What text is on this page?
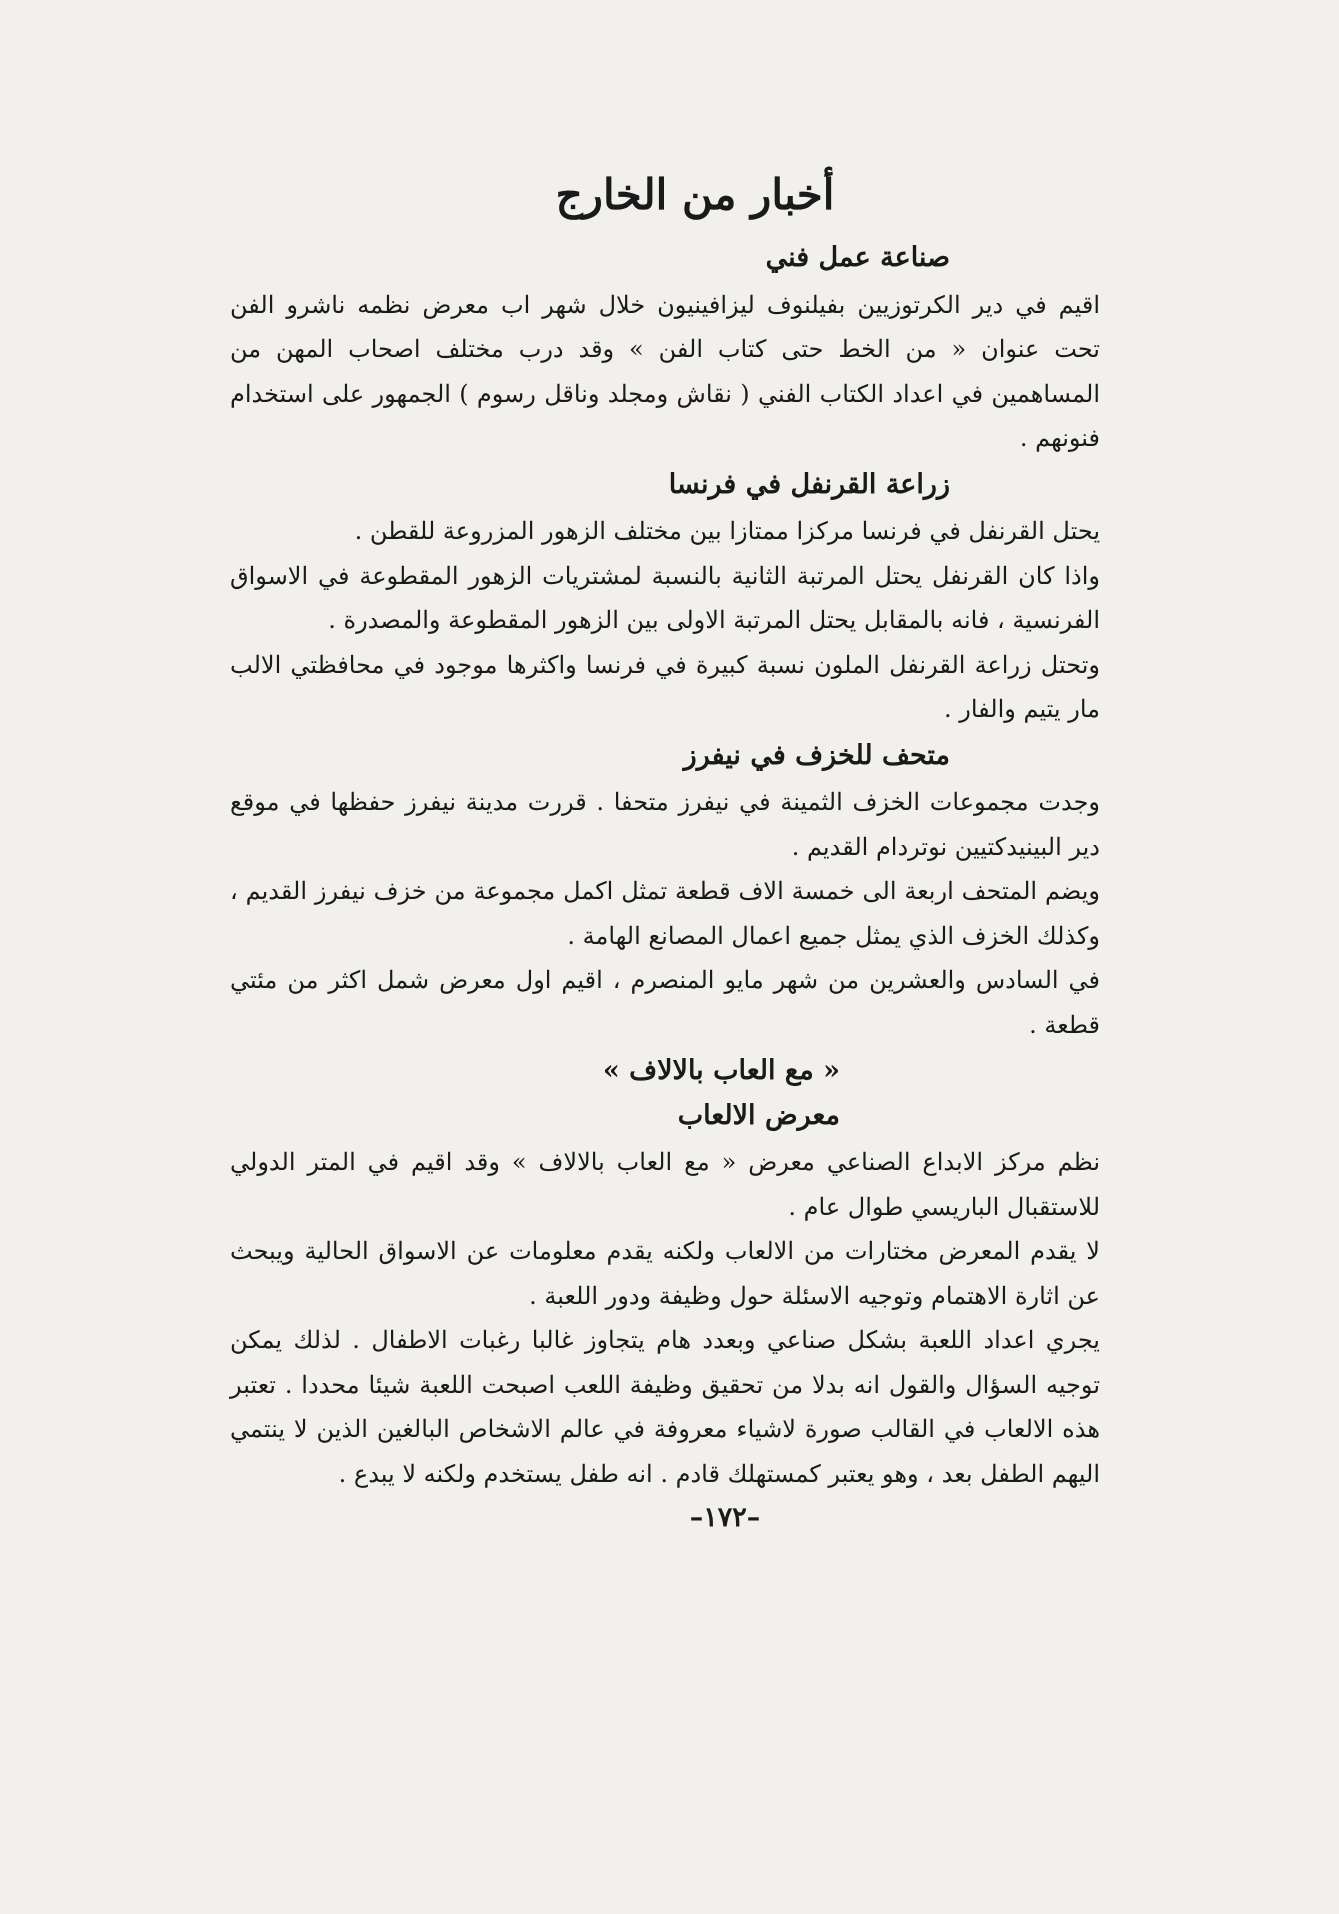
أخبار من الخارج
صناعة عمل فني

اقيم في دير الكرتوزيين بفيلنوف ليزافينيون خلال شهر اب معرض نظمه ناشرو الفن تحت عنوان « من الخط حتى كتاب الفن » وقد درب مختلف اصحاب المهن من المساهمين في اعداد الكتاب الفني ( نقاش ومجلد وناقل رسوم ) الجمهور على استخدام فنونهم .

زراعة القرنفل في فرنسا

يحتل القرنفل في فرنسا مركزا ممتازا بين مختلف الزهور المزروعة للقطن .

واذا كان القرنفل يحتل المرتبة الثانية بالنسبة لمشتريات الزهور المقطوعة في الاسواق الفرنسية ، فانه بالمقابل يحتل المرتبة الاولى بين الزهور المقطوعة والمصدرة .

وتحتل زراعة القرنفل الملون نسبة كبيرة في فرنسا واكثرها موجود في محافظتي الالب مار يتيم والفار .

متحف للخزف في نيفرز

وجدت مجموعات الخزف الثمينة في نيفرز متحفا . قررت مدينة نيفرز حفظها في موقع دير البينيدكتيين نوتردام القديم .

ويضم المتحف اربعة الى خمسة الاف قطعة تمثل اكمل مجموعة من خزف نيفرز القديم ، وكذلك الخزف الذي يمثل جميع اعمال المصانع الهامة .

في السادس والعشرين من شهر مايو المنصرم ، اقيم اول معرض شمل اكثر من مئتي قطعة .

« مع العاب بالالاف »
معرض الالعاب

نظم مركز الابداع الصناعي معرض « مع العاب بالالاف » وقد اقيم في المتر الدولي للاستقبال الباريسي طوال عام .

لا يقدم المعرض مختارات من الالعاب ولكنه يقدم معلومات عن الاسواق الحالية ويبحث عن اثارة الاهتمام وتوجيه الاسئلة حول وظيفة ودور اللعبة .

يجري اعداد اللعبة بشكل صناعي وبعدد هام يتجاوز غالبا رغبات الاطفال . لذلك يمكن توجيه السؤال والقول انه بدلا من تحقيق وظيفة اللعب اصبحت اللعبة شيئا محددا . تعتبر هذه الالعاب في القالب صورة لاشياء معروفة في عالم الاشخاص البالغين الذين لا ينتمي اليهم الطفل بعد ، وهو يعتبر كمستهلك قادم . انه طفل يستخدم ولكنه لا يبدع .

–١٧٢–
